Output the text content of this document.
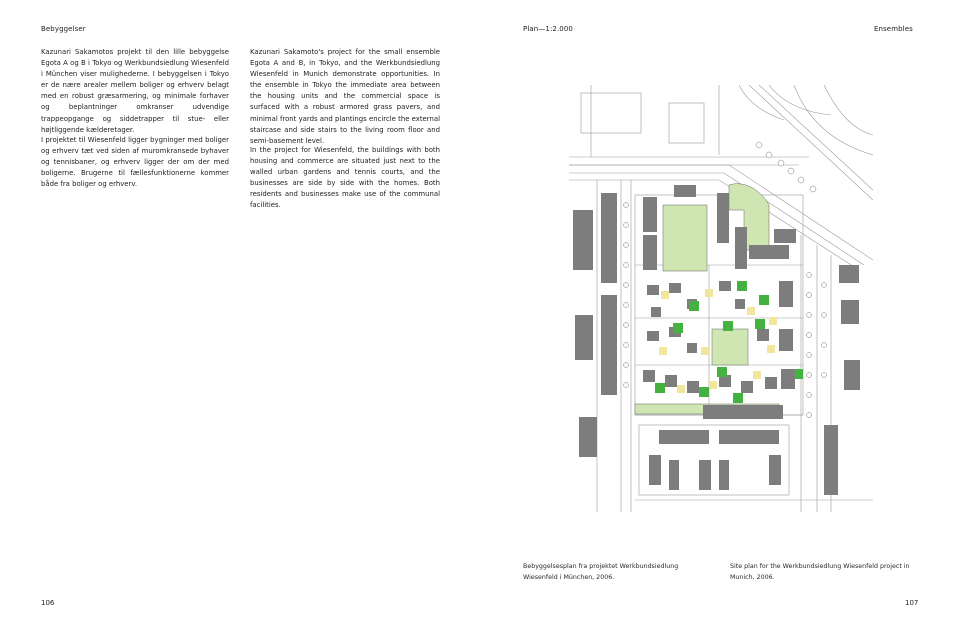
Bebyggelser	Plan—1:2.000	Ensembles

Kazunari Sakamotos projekt til den lille bebyggelse Egota A og B i Tokyo og Werkbundsiedlung Wiesenfeld i München viser mulighederne. I bebyggelsen i Tokyo er de nære arealer mellem boliger og erhverv belagt med en robust græsarmering, og minimale forhaver og beplantninger omkranser udvendige trappeopgange og siddetrapper til stue- eller højtliggende kælderetager.

I projektet til Wiesenfeld ligger bygninger med boliger og erhverv tæt ved siden af muromkransede byhaver og tennisbaner, og erhverv ligger der om der med boligerne. Brugerne til fællesfunktionerne kommer både fra boliger og erhverv.

Kazunari Sakamoto's project for the small ensemble Egota A and B, in Tokyo, and the Werkbundsiedlung Wiesenfeld in Munich demonstrate opportunities. In the ensemble in Tokyo the immediate area between the housing units and the commercial space is surfaced with a robust armored grass pavers, and minimal front yards and plantings encircle the external staircase and side stairs to the living room floor and semi-basement level.

In the project for Wiesenfeld, the buildings with both housing and commerce are situated just next to the walled urban gardens and tennis courts, and the businesses are side by side with the homes. Both residents and businesses make use of the communal facilities.

Bebyggelsesplan fra projektet Werkbundsiedlung Wiesenfeld i München, 2006.

Site plan for the Werkbundsiedlung Wiesenfeld project in Munich, 2006.

106	107
